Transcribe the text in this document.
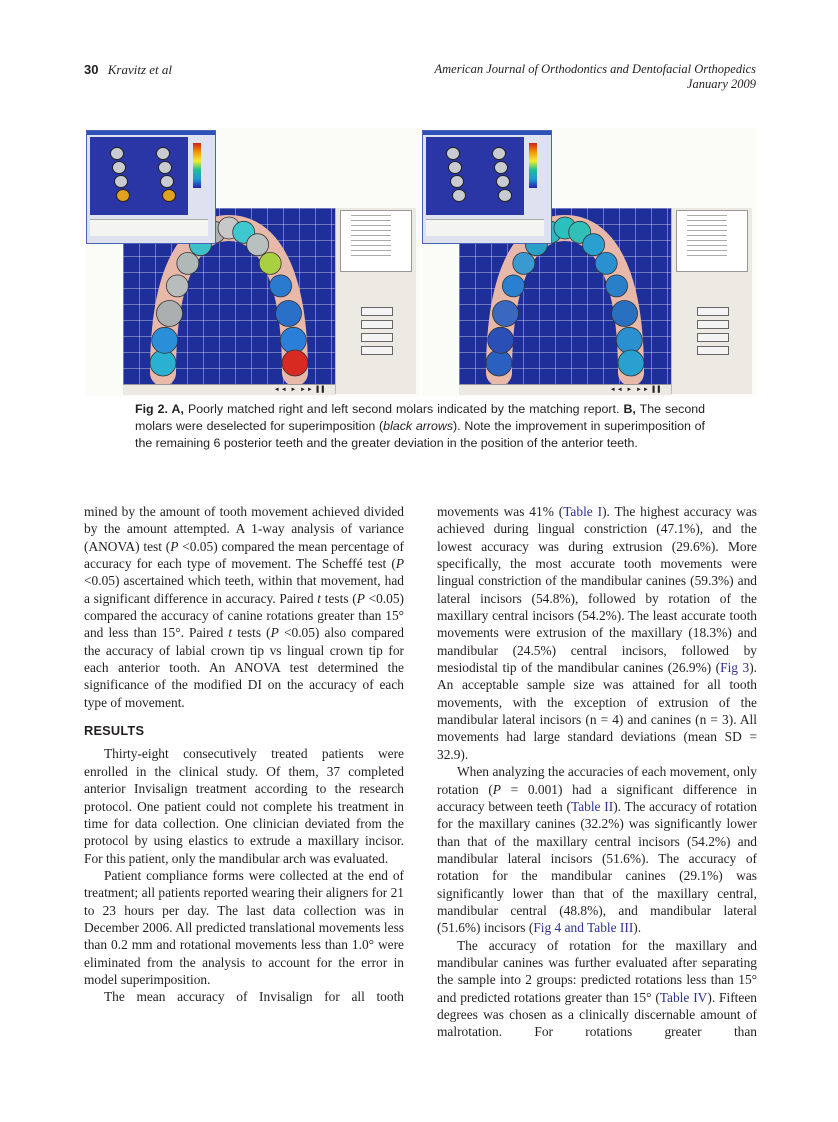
30 Kravitz et al	American Journal of Orthodontics and Dentofacial Orthopedics
January 2009
◄◄ ► ►► ▌▌	◄◄ ► ►► ▌▌
Fig 2. A, Poorly matched right and left second molars indicated by the matching report. B, The second molars were deselected for superimposition (black arrows). Note the improvement in superimposition of the remaining 6 posterior teeth and the greater deviation in the position of the anterior teeth.

mined by the amount of tooth movement achieved divided by the amount attempted. A 1-way analysis of variance (ANOVA) test (P <0.05) compared the mean percentage of accuracy for each type of movement. The Scheffé test (P <0.05) ascertained which teeth, within that movement, had a significant difference in accuracy. Paired t tests (P <0.05) compared the accuracy of canine rotations greater than 15° and less than 15°. Paired t tests (P <0.05) also compared the accuracy of labial crown tip vs lingual crown tip for each anterior tooth. An ANOVA test determined the significance of the modified DI on the accuracy of each type of movement.

RESULTS

Thirty-eight consecutively treated patients were enrolled in the clinical study. Of them, 37 completed anterior Invisalign treatment according to the research protocol. One patient could not complete his treatment in time for data collection. One clinician deviated from the protocol by using elastics to extrude a maxillary incisor. For this patient, only the mandibular arch was evaluated.

Patient compliance forms were collected at the end of treatment; all patients reported wearing their aligners for 21 to 23 hours per day. The last data collection was in December 2006. All predicted translational movements less than 0.2 mm and rotational movements less than 1.0° were eliminated from the analysis to account for the error in model superimposition.

The mean accuracy of Invisalign for all tooth

movements was 41% (Table I). The highest accuracy was achieved during lingual constriction (47.1%), and the lowest accuracy was during extrusion (29.6%). More specifically, the most accurate tooth movements were lingual constriction of the mandibular canines (59.3%) and lateral incisors (54.8%), followed by rotation of the maxillary central incisors (54.2%). The least accurate tooth movements were extrusion of the maxillary (18.3%) and mandibular (24.5%) central incisors, followed by mesiodistal tip of the mandibular canines (26.9%) (Fig 3). An acceptable sample size was attained for all tooth movements, with the exception of extrusion of the mandibular lateral incisors (n = 4) and canines (n = 3). All movements had large standard deviations (mean SD = 32.9).

When analyzing the accuracies of each movement, only rotation (P = 0.001) had a significant difference in accuracy between teeth (Table II). The accuracy of rotation for the maxillary canines (32.2%) was significantly lower than that of the maxillary central incisors (54.2%) and mandibular lateral incisors (51.6%). The accuracy of rotation for the mandibular canines (29.1%) was significantly lower than that of the maxillary central, mandibular central (48.8%), and mandibular lateral (51.6%) incisors (Fig 4 and Table III).

The accuracy of rotation for the maxillary and mandibular canines was further evaluated after separating the sample into 2 groups: predicted rotations less than 15° and predicted rotations greater than 15° (Table IV). Fifteen degrees was chosen as a clinically discernable amount of malrotation. For rotations greater than
